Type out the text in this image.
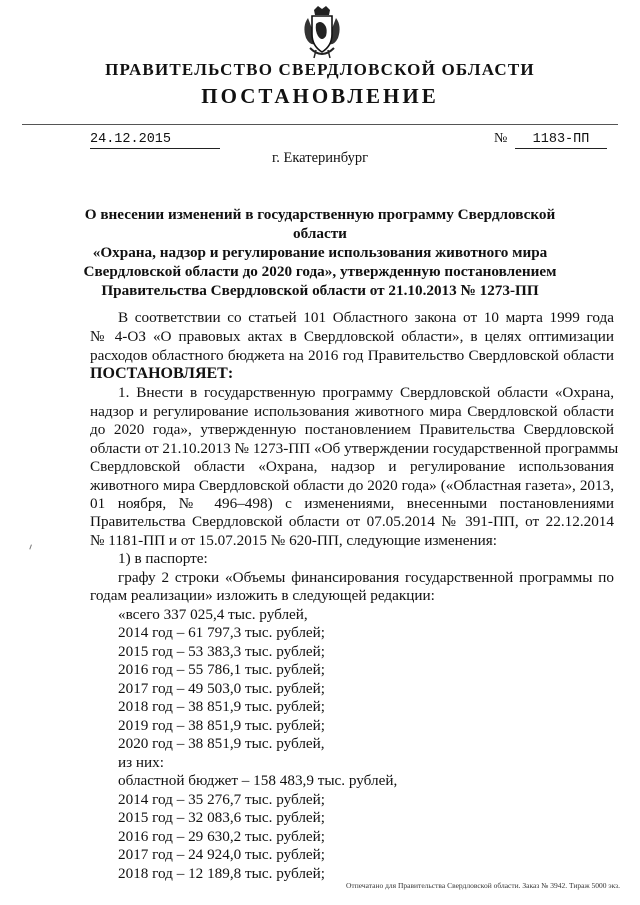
ПРАВИТЕЛЬСТВО СВЕРДЛОВСКОЙ ОБЛАСТИ
ПОСТАНОВЛЕНИЕ
24.12.2015	№	1183-ПП
г. Екатеринбург
О внесении изменений в государственную программу Свердловской области
«Охрана, надзор и регулирование использования животного мира
Свердловской области до 2020 года», утвержденную постановлением
Правительства Свердловской области от 21.10.2013 № 1273-ПП

В соответствии со статьей 101 Областного закона от 10 марта 1999 года

№ 4-ОЗ «О правовых актах в Свердловской области», в целях оптимизации

расходов областного бюджета на 2016 год Правительство Свердловской области

ПОСТАНОВЛЯЕТ:

1. Внести в государственную программу Свердловской области «Охрана,

надзор и регулирование использования животного мира Свердловской области

до 2020 года», утвержденную постановлением Правительства Свердловской

области от 21.10.2013 № 1273-ПП «Об утверждении государственной программы

Свердловской области «Охрана, надзор и регулирование использования

животного мира Свердловской области до 2020 года» («Областная газета», 2013,

01 ноября, № 496–498) с изменениями, внесенными постановлениями

Правительства Свердловской области от 07.05.2014 № 391-ПП, от 22.12.2014

№ 1181-ПП и от 15.07.2015 № 620-ПП, следующие изменения:

1) в паспорте:

графу 2 строки «Объемы финансирования государственной программы по

годам реализации» изложить в следующей редакции:

«всего 337 025,4 тыс. рублей,

2014 год – 61 797,3 тыс. рублей;

2015 год – 53 383,3 тыс. рублей;

2016 год – 55 786,1 тыс. рублей;

2017 год – 49 503,0 тыс. рублей;

2018 год – 38 851,9 тыс. рублей;

2019 год – 38 851,9 тыс. рублей;

2020 год – 38 851,9 тыс. рублей,

из них:

областной бюджет – 158 483,9 тыс. рублей,

2014 год – 35 276,7 тыс. рублей;

2015 год – 32 083,6 тыс. рублей;

2016 год – 29 630,2 тыс. рублей;

2017 год – 24 924,0 тыс. рублей;

2018 год – 12 189,8 тыс. рублей;

Отпечатано для Правительства Свердловской области. Заказ № 3942. Тираж 5000 экз.
